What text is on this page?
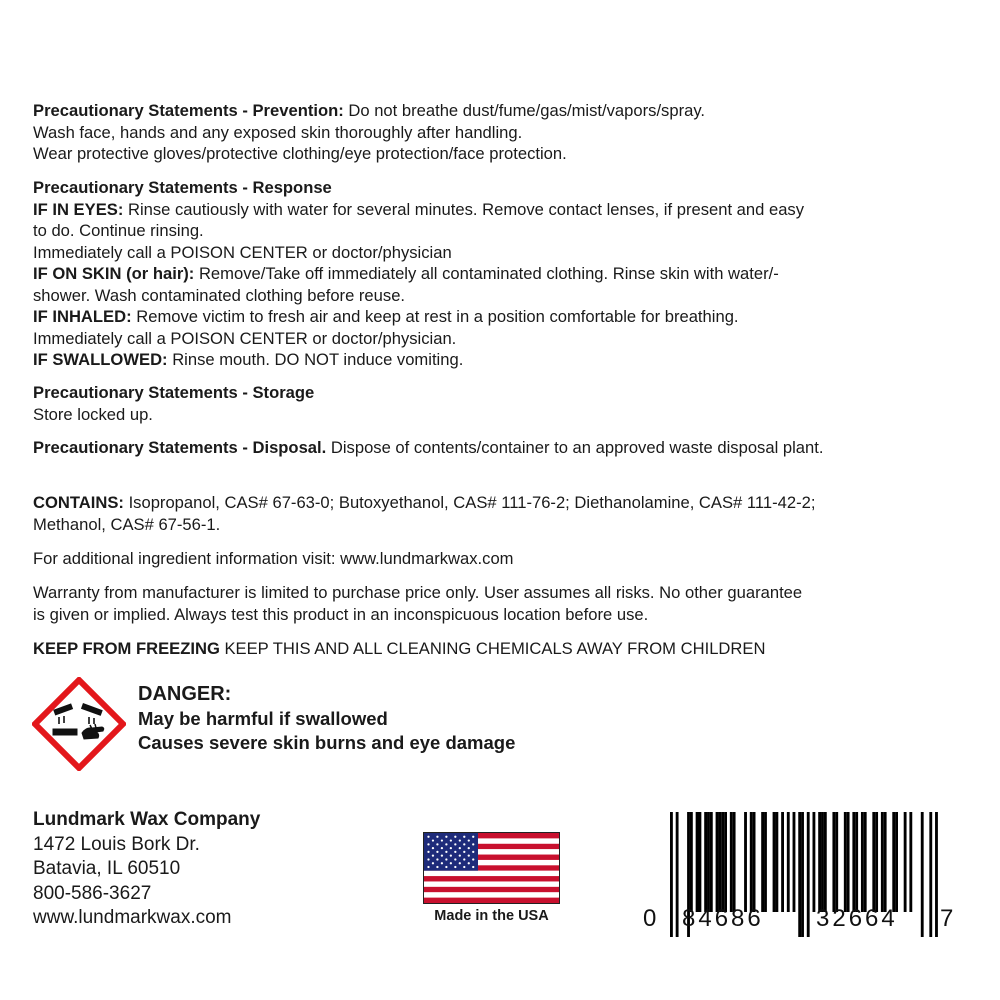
Precautionary Statements - Prevention: Do not breathe dust/fume/gas/mist/vapors/spray.
Wash face, hands and any exposed skin thoroughly after handling.
Wear protective gloves/protective clothing/eye protection/face protection.
Precautionary Statements - Response
IF IN EYES: Rinse cautiously with water for several minutes. Remove contact lenses, if present and easy
to do. Continue rinsing.
Immediately call a POISON CENTER or doctor/physician
IF ON SKIN (or hair): Remove/Take off immediately all contaminated clothing. Rinse skin with water/-
shower. Wash contaminated clothing before reuse.
IF INHALED: Remove victim to fresh air and keep at rest in a position comfortable for breathing.
Immediately call a POISON CENTER or doctor/physician.
IF SWALLOWED: Rinse mouth. DO NOT induce vomiting.
Precautionary Statements - Storage
Store locked up.
Precautionary Statements - Disposal. Dispose of contents/container to an approved waste disposal plant.
CONTAINS: Isopropanol, CAS# 67-63-0; Butoxyethanol, CAS# 111-76-2; Diethanolamine, CAS# 111-42-2;
Methanol, CAS# 67-56-1.
For additional ingredient information visit: www.lundmarkwax.com
Warranty from manufacturer is limited to purchase price only. User assumes all risks. No other guarantee
is given or implied. Always test this product in an inconspicuous location before use.
KEEP FROM FREEZING KEEP THIS AND ALL CLEANING CHEMICALS AWAY FROM CHILDREN
DANGER:
May be harmful if swallowed
Causes severe skin burns and eye damage
Lundmark Wax Company
1472 Louis Bork Dr.
Batavia, IL 60510
800-586-3627
www.lundmarkwax.com	Made in the USA	0 84686 32664 7
